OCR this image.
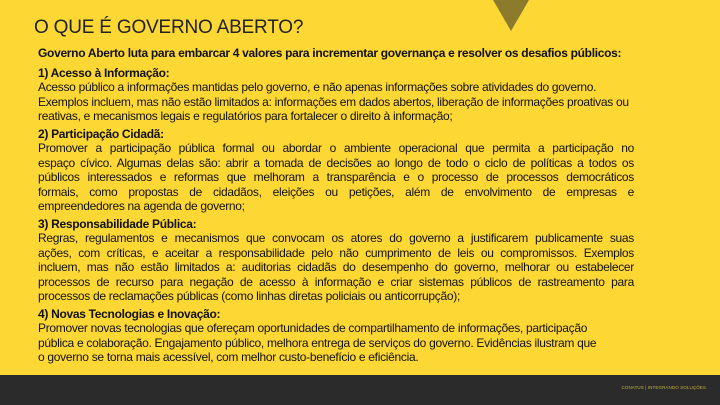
O QUE É GOVERNO ABERTO?
Governo Aberto luta para embarcar 4 valores para incrementar governança e resolver os desafios públicos:
1) Acesso à Informação:
Acesso público a informações mantidas pelo governo, e não apenas informações sobre atividades do governo.
Exemplos incluem, mas não estão limitados a: informações em dados abertos, liberação de informações proativas ou
reativas, e mecanismos legais e regulatórios para fortalecer o direito à informação;
2) Participação Cidadã:
Promover a participação pública formal ou abordar o ambiente operacional que permita a participação no
espaço cívico. Algumas delas são: abrir a tomada de decisões ao longo de todo o ciclo de políticas a todos os
públicos interessados e reformas que melhoram a transparência e o processo de processos democráticos
formais, como propostas de cidadãos, eleições ou petições, além de envolvimento de empresas e
empreendedores na agenda de governo;
3) Responsabilidade Pública:
Regras, regulamentos e mecanismos que convocam os atores do governo a justificarem publicamente suas
ações, com críticas, e aceitar a responsabilidade pelo não cumprimento de leis ou compromissos. Exemplos
incluem, mas não estão limitados a: auditorias cidadãs do desempenho do governo, melhorar ou estabelecer
processos de recurso para negação de acesso à informação e criar sistemas públicos de rastreamento para
processos de reclamações públicas (como linhas diretas policiais ou anticorrupção);
4) Novas Tecnologias e Inovação:
Promover novas tecnologias que ofereçam oportunidades de compartilhamento de informações, participação
pública e colaboração. Engajamento público, melhora entrega de serviços do governo. Evidências ilustram que
o governo se torna mais acessível, com melhor custo-benefício e eficiência.
CONATUS | INTEGRANDO SOLUÇÕES
